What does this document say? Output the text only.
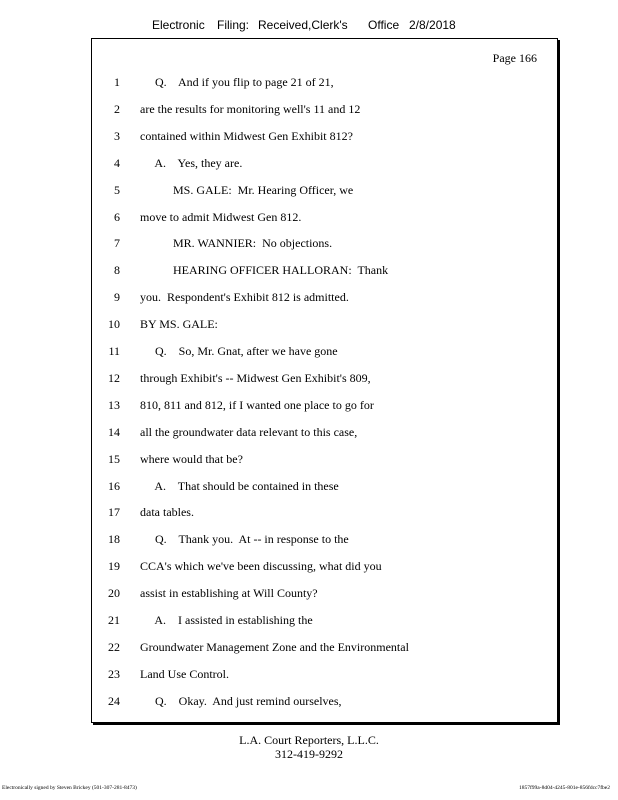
Electronic Filing: Received,Clerk's Office 2/8/2018
Page 166
1 Q.    And if you flip to page 21 of 21,
2 are the results for monitoring well's 11 and 12
3 contained within Midwest Gen Exhibit 812?
4 A.    Yes, they are.
5 MS. GALE:  Mr. Hearing Officer, we
6 move to admit Midwest Gen 812.
7 MR. WANNIER:  No objections.
8 HEARING OFFICER HALLORAN:  Thank
9 you.  Respondent's Exhibit 812 is admitted.
10 BY MS. GALE:
11 Q.    So, Mr. Gnat, after we have gone
12 through Exhibit's -- Midwest Gen Exhibit's 809,
13 810, 811 and 812, if I wanted one place to go for
14 all the groundwater data relevant to this case,
15 where would that be?
16 A.    That should be contained in these
17 data tables.
18 Q.    Thank you.  At -- in response to the
19 CCA's which we've been discussing, what did you
20 assist in establishing at Will County?
21 A.    I assisted in establishing the
22 Groundwater Management Zone and the Environmental
23 Land Use Control.
24 Q.    Okay.  And just remind ourselves,
L.A. Court Reporters, L.L.C.
312-419-9292
Electronically signed by Steven Brickey (501-307-281-8473)	1857f99a-8d04-4245-801e-856fdcc7fbe2
